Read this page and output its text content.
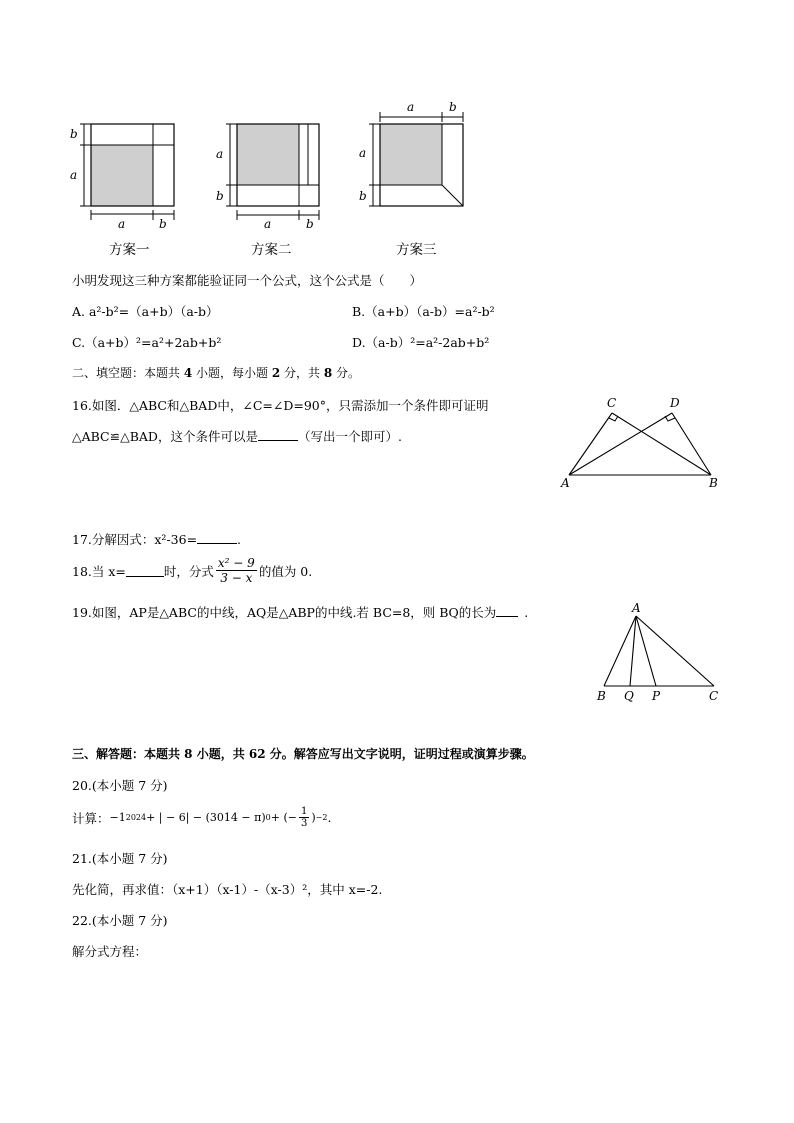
b
a
a	b
方案一
a
b
a	b
方案二
a	b
a
b
方案三
小明发现这三种方案都能验证同一个公式，这个公式是（　　）
A. a²-b²=（a+b）（a-b）	B.（a+b）（a-b）=a²-b²
C.（a+b）²=a²+2ab+b²	D.（a-b）²=a²-2ab+b²
二、填空题：本题共 4 小题，每小题 2 分，共 8 分。
16.如图．△ABC和△BAD中，∠C=∠D=90°，只需添加一个条件即可证明
△ABC≌△BAD，这个条件可以是	（写出一个即可）.
C	D
A	B
17.分解因式：x²-36=	.
18.当 x=	时，分式 $\frac{\text{x² − 9}}{3 - x}$ 的值为 0.
19.如图，AP是△ABC的中线，AQ是△ABP的中线.若 BC=8，则 BQ的长为 .	A
B Q P	C
三、解答题：本题共 8 小题，共 62 分。解答应写出文字说明，证明过程或演算步骤。
20.(本小题 7 分)
计算： −1 2024 + | − 6| − (3014 − π) 0 + (− $\frac{1}{3}$ ) −2 .
21.(本小题 7 分)
先化简，再求值：（x+1）（x-1）-（x-3）²，其中 x=-2.
22.(本小题 7 分)
解分式方程：
